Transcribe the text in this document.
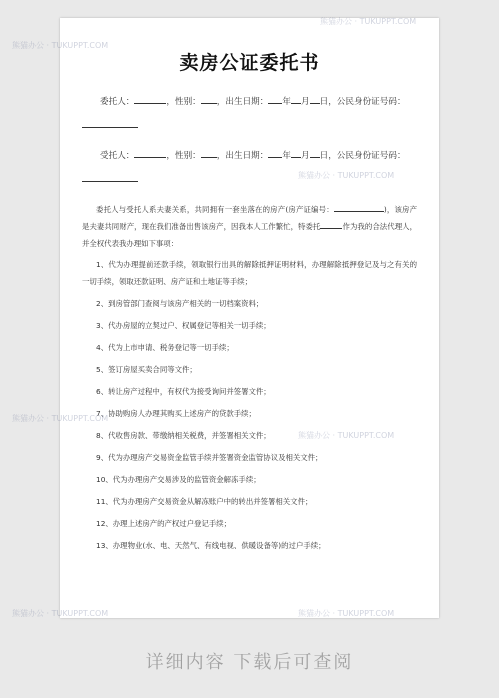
熊猫办公 · TUKUPPT.COM
熊猫办公 · TUKUPPT.COM
熊猫办公 · TUKUPPT.COM
熊猫办公 · TUKUPPT.COM
熊猫办公 · TUKUPPT.COM
熊猫办公 · TUKUPPT.COM	熊猫办公 · TUKUPPT.COM
卖房公证委托书

委托人：	，性别： ，出生日期： 年 月 日，公民身份证号码：

受托人：	，性别： ，出生日期： 年 月 日，公民身份证号码：

委托人与受托人系夫妻关系，共同拥有一套坐落在的房产(房产证编号：	)，该房产是夫妻共同财产，现在我们准备出售该房产，因我本人工作繁忙，特委托	作为我的合法代理人，并全权代表我办理如下事项：

1、代为办理提前还款手续，领取银行出具的解除抵押证明材料，办理解除抵押登记及与之有关的一切手续，领取还款证明、房产证和土地证等手续；

2、到房管部门查阅与该房产相关的一切档案资料；

3、代办房屋的立契过户、权属登记等相关一切手续；

4、代为上市申请、税务登记等一切手续；

5、签订房屋买卖合同等文件；

6、转让房产过程中，有权代为接受询问并签署文件；

7、协助购房人办理其购买上述房产的贷款手续；

8、代收售房款、带缴纳相关税费，并签署相关文件；

9、代为办理房产交易资金监管手续并签署资金监管协议及相关文件；

10、代为办理房产交易涉及的监管资金解冻手续；

11、代为办理房产交易资金从解冻账户中的转出并签署相关文件；

12、办理上述房产的产权过户登记手续；

13、办理物业(水、电、天然气、有线电视、供暖设备等)的过户手续；

详细内容 下载后可查阅
